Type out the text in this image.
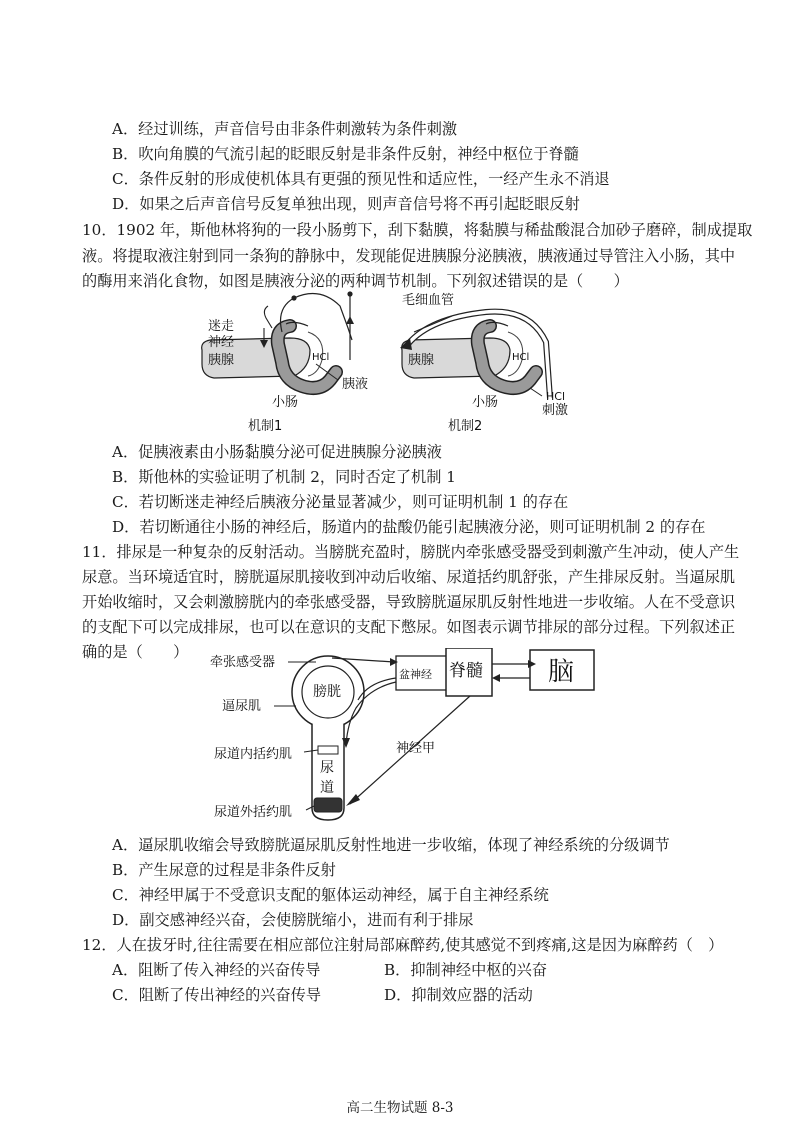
A．经过训练，声音信号由非条件刺激转为条件刺激
B．吹向角膜的气流引起的眨眼反射是非条件反射，神经中枢位于脊髓
C．条件反射的形成使机体具有更强的预见性和适应性，一经产生永不消退
D．如果之后声音信号反复单独出现，则声音信号将不再引起眨眼反射
10．1902 年，斯他林将狗的一段小肠剪下，刮下黏膜，将黏膜与稀盐酸混合加砂子磨碎，制成提取
液。将提取液注射到同一条狗的静脉中，发现能促进胰腺分泌胰液，胰液通过导管注入小肠，其中
的酶用来消化食物，如图是胰液分泌的两种调节机制。下列叙述错误的是（　　）
胰腺	HCl
胰液
小肠
迷走
神经
机制1
毛细血管
胰腺	HCl
小肠	HCl
刺激
机制2
A．促胰液素由小肠黏膜分泌可促进胰腺分泌胰液
B．斯他林的实验证明了机制 2，同时否定了机制 1
C．若切断迷走神经后胰液分泌量显著减少，则可证明机制 1 的存在
D．若切断通往小肠的神经后，肠道内的盐酸仍能引起胰液分泌，则可证明机制 2 的存在
11．排尿是一种复杂的反射活动。当膀胱充盈时，膀胱内牵张感受器受到刺激产生冲动，使人产生
尿意。当环境适宜时，膀胱逼尿肌接收到冲动后收缩、尿道括约肌舒张，产生排尿反射。当逼尿肌
开始收缩时，又会刺激膀胱内的牵张感受器，导致膀胱逼尿肌反射性地进一步收缩。人在不受意识
的支配下可以完成排尿，也可以在意识的支配下憋尿。如图表示调节排尿的部分过程。下列叙述正
确的是（　　）
膀胱
尿
道
盆神经 脊髓	脑
神经甲
牵张感受器
逼尿肌
尿道内括约肌
尿道外括约肌
A．逼尿肌收缩会导致膀胱逼尿肌反射性地进一步收缩，体现了神经系统的分级调节
B．产生尿意的过程是非条件反射
C．神经甲属于不受意识支配的躯体运动神经，属于自主神经系统
D．副交感神经兴奋，会使膀胱缩小，进而有利于排尿
12．人在拔牙时,往往需要在相应部位注射局部麻醉药,使其感觉不到疼痛,这是因为麻醉药（　）
A．阻断了传入神经的兴奋传导	B．抑制神经中枢的兴奋
C．阻断了传出神经的兴奋传导	D．抑制效应器的活动
高二生物试题 8-3
